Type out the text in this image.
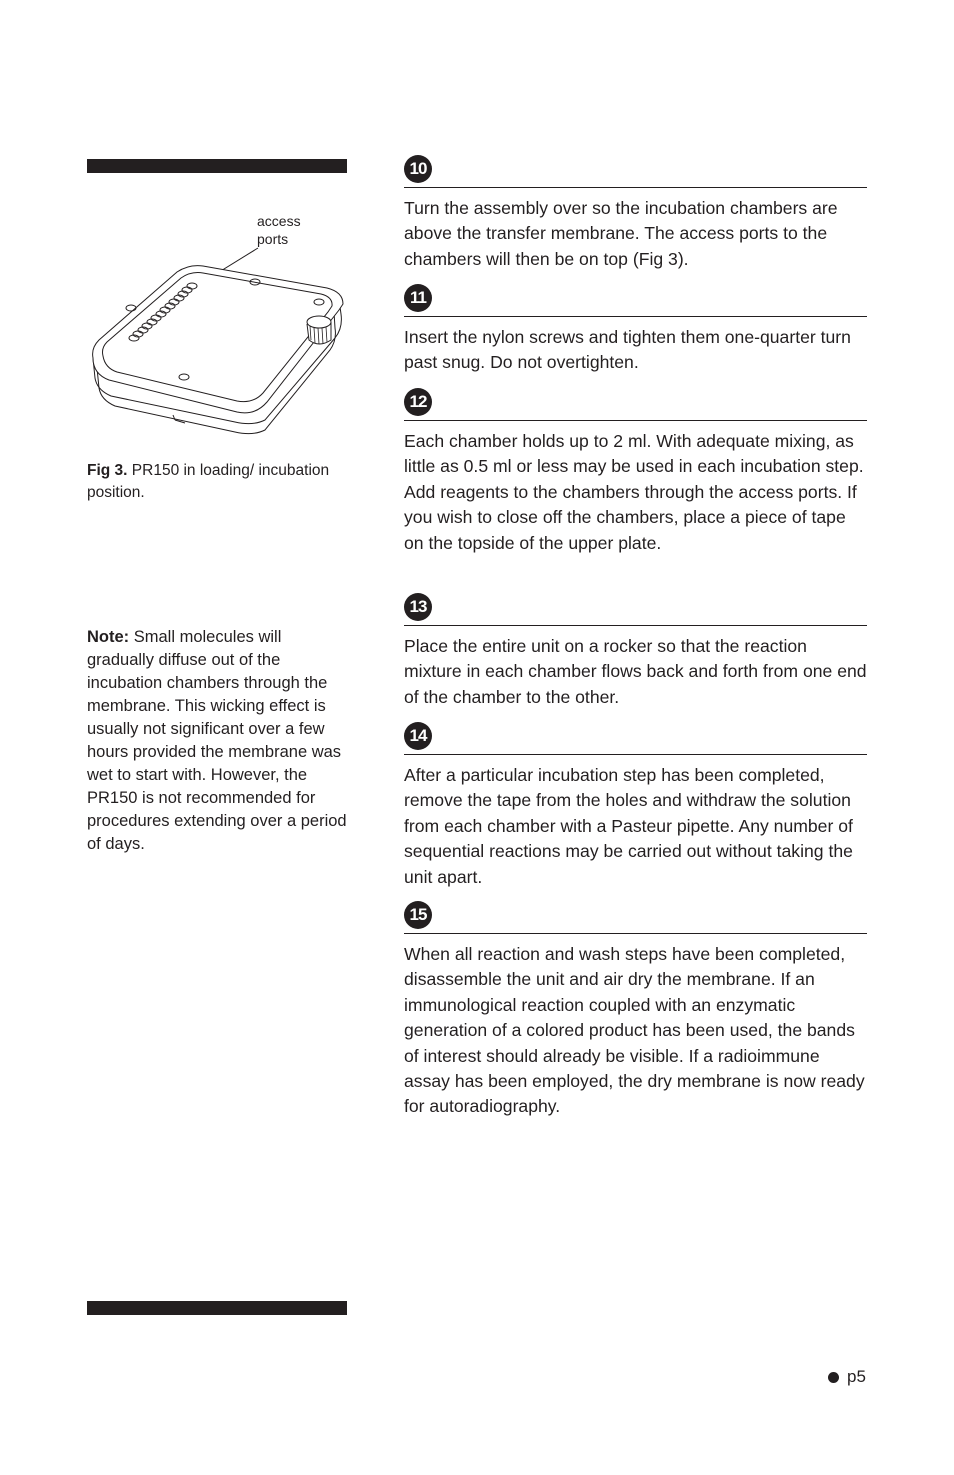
access
ports
Fig 3. PR150 in loading/ incubation position.
Note: Small molecules will gradually diffuse out of the incubation chambers through the membrane. This wicking effect is usually not significant over a few hours provided the membrane was wet to start with. However, the PR150 is not recommended for procedures extending over a period of days.
10
Turn the assembly over so the incubation chambers are above the transfer membrane. The access ports to the chambers will then be on top (Fig 3).
11
Insert the nylon screws and tighten them one-quarter turn past snug. Do not overtighten.
12
Each chamber holds up to 2 ml. With adequate mixing, as little as 0.5 ml or less may be used in each incubation step. Add reagents to the chambers through the access ports. If you wish to close off the chambers, place a piece of tape on the topside of the upper plate.
13
Place the entire unit on a rocker so that the reaction mixture in each chamber flows back and forth from one end of the chamber to the other.
14
After a particular incubation step has been completed, remove the tape from the holes and withdraw the solution from each chamber with a Pasteur pipette. Any number of sequential reactions may be carried out without taking the unit apart.
15
When all reaction and wash steps have been completed, disassemble the unit and air dry the membrane. If an immunological reaction coupled with an enzymatic generation of a colored product has been used, the bands of interest should already be visible. If a radioimmune assay has been employed, the dry membrane is now ready for autoradiography.
p5
